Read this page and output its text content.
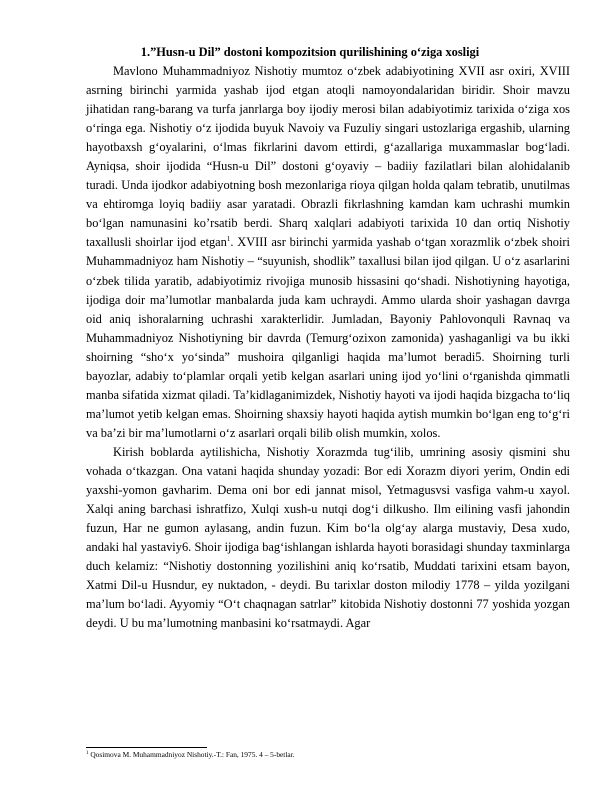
1.”Husn-u Dil” dostoni kompozitsion qurilishining o‘ziga xosligi

Mavlono Muhammadniyoz Nishotiy mumtoz o‘zbek adabiyotining XVII asr oxiri, XVIII asrning birinchi yarmida yashab ijod etgan atoqli namoyondalaridan biridir. Shoir mavzu jihatidan rang-barang va turfa janrlarga boy ijodiy merosi bilan adabiyotimiz tarixida o‘ziga xos o‘ringa ega. Nishotiy o‘z ijodida buyuk Navoiy va Fuzuliy singari ustozlariga ergashib, ularning hayotbaxsh g‘oyalarini, o‘lmas fikrlarini davom ettirdi, g‘azallariga muxammaslar bog‘ladi. Ayniqsa, shoir ijodida “Husn-u Dil” dostoni g‘oyaviy – badiiy fazilatlari bilan alohidalanib turadi. Unda ijodkor adabiyotning bosh mezonlariga rioya qilgan holda qalam tebratib, unutilmas va ehtiromga loyiq badiiy asar yaratadi. Obrazli fikrlashning kamdan kam uchrashi mumkin bo‘lgan namunasini ko’rsatib berdi. Sharq xalqlari adabiyoti tarixida 10 dan ortiq Nishotiy taxallusli shoirlar ijod etgan$^1$. XVIII asr birinchi yarmida yashab o‘tgan xorazmlik o‘zbek shoiri Muhammadniyoz ham Nishotiy – “suyunish, shodlik” taxallusi bilan ijod qilgan. U o‘z asarlarini o‘zbek tilida yaratib, adabiyotimiz rivojiga munosib hissasini qo‘shadi. Nishotiyning hayotiga, ijodiga doir ma’lumotlar manbalarda juda kam uchraydi. Ammo ularda shoir yashagan davrga oid aniq ishoralarning uchrashi xarakterlidir. Jumladan, Bayoniy Pahlovonquli Ravnaq va Muhammadniyoz Nishotiyning bir davrda (Temurg‘ozixon zamonida) yashaganligi va bu ikki shoirning “sho‘x yo‘sinda” mushoira qilganligi haqida ma’lumot beradi5. Shoirning turli bayozlar, adabiy to‘plamlar orqali yetib kelgan asarlari uning ijod yo‘lini o‘rganishda qimmatli manba sifatida xizmat qiladi. Ta’kidlaganimizdek, Nishotiy hayoti va ijodi haqida bizgacha to‘liq ma’lumot yetib kelgan emas. Shoirning shaxsiy hayoti haqida aytish mumkin bo‘lgan eng to‘g‘ri va ba’zi bir ma’lumotlarni o‘z asarlari orqali bilib olish mumkin, xolos.

Kirish boblarda aytilishicha, Nishotiy Xorazmda tug‘ilib, umrining asosiy qismini shu vohada o‘tkazgan. Ona vatani haqida shunday yozadi: Bor edi Xorazm diyori yerim, Ondin edi yaxshi-yomon gavharim. Dema oni bor edi jannat misol, Yetmagusvsi vasfiga vahm-u xayol. Xalqi aning barchasi ishratfizo, Xulqi xush-u nutqi dog‘i dilkusho. Ilm eilining vasfi jahondin fuzun, Har ne gumon aylasang, andin fuzun. Kim bo‘la olg‘ay alarga mustaviy, Desa xudo, andaki hal yastaviy6. Shoir ijodiga bag‘ishlangan ishlarda hayoti borasidagi shunday taxminlarga duch kelamiz: “Nishotiy dostonning yozilishini aniq ko‘rsatib, Muddati tarixini etsam bayon, Xatmi Dil-u Husndur, ey nuktadon, - deydi. Bu tarixlar doston milodiy 1778 – yilda yozilgani ma’lum bo‘ladi. Ayyomiy “O‘t chaqnagan satrlar” kitobida Nishotiy dostonni 77 yoshida yozgan deydi. U bu ma’lumotning manbasini ko‘rsatmaydi. Agar

$^1$ Qosimova M. Muhammadniyoz Nishotiy.-T.: Fan, 1975. 4 – 5-betlar.
